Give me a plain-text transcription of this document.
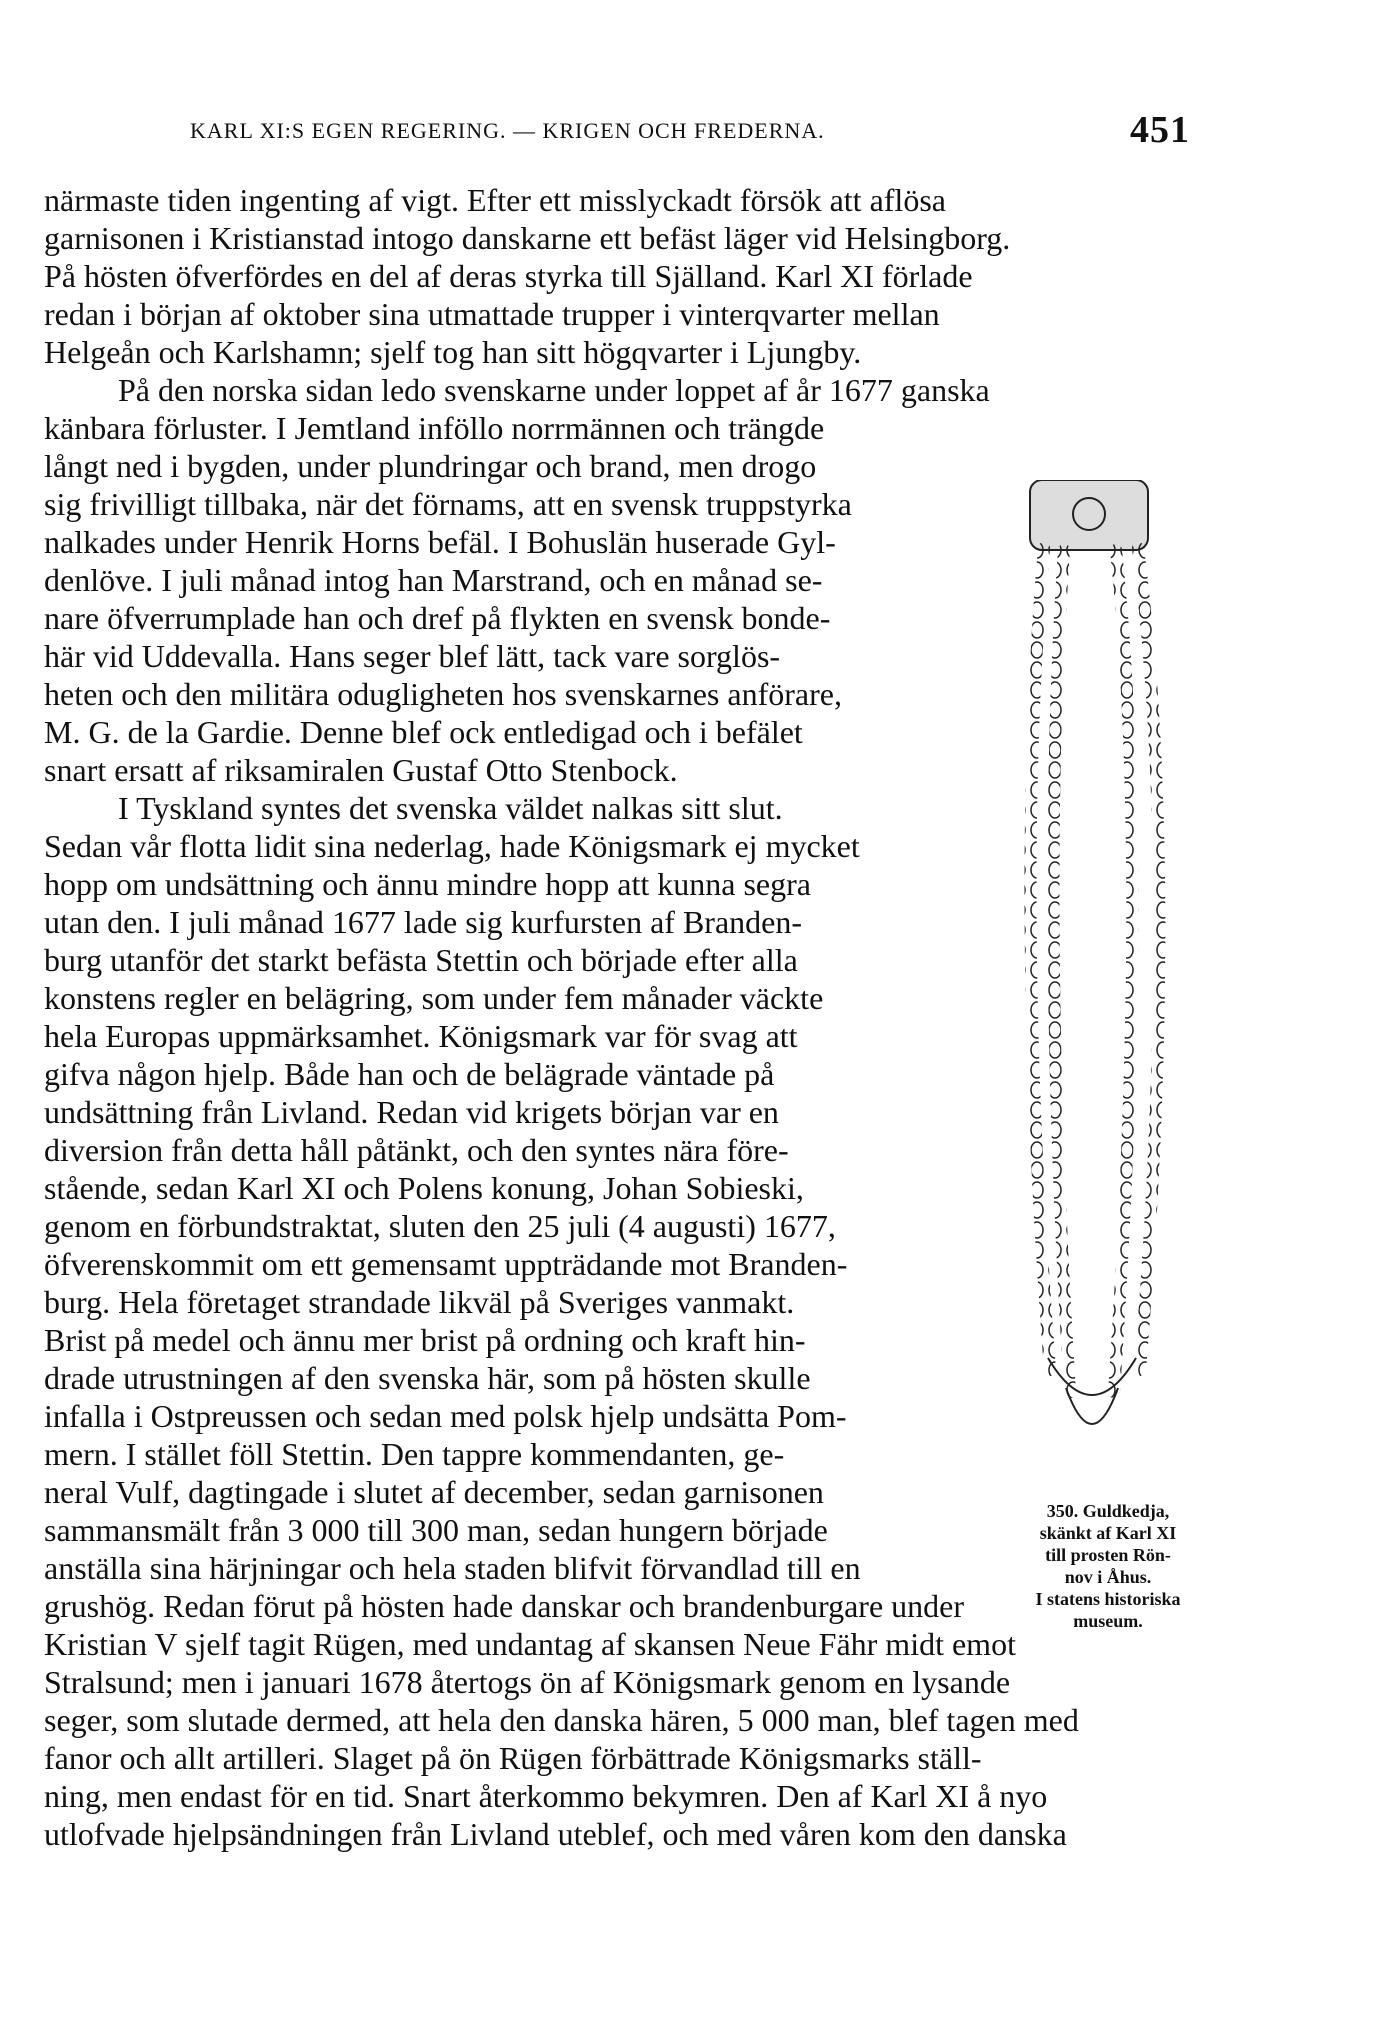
KARL XI:S EGEN REGERING. — KRIGEN OCH FREDERNA.	451
närmaste tiden ingenting af vigt. Efter ett misslyckadt försök att aflösa
garnisonen i Kristianstad intogo danskarne ett befäst läger vid Helsingborg.
På hösten öfverfördes en del af deras styrka till Själland. Karl XI förlade
redan i början af oktober sina utmattade trupper i vinterqvarter mellan
Helgeån och Karlshamn; sjelf tog han sitt högqvarter i Ljungby.
På den norska sidan ledo svenskarne under loppet af år 1677 ganska
känbara förluster. I Jemtland inföllo norrmännen och trängde
långt ned i bygden, under plundringar och brand, men drogo
sig frivilligt tillbaka, när det förnams, att en svensk truppstyrka
nalkades under Henrik Horns befäl. I Bohuslän huserade Gyl-
denlöve. I juli månad intog han Marstrand, och en månad se-
nare öfverrumplade han och dref på flykten en svensk bonde-
här vid Uddevalla. Hans seger blef lätt, tack vare sorglös-
heten och den militära odugligheten hos svenskarnes anförare,
M. G. de la Gardie. Denne blef ock entledigad och i befälet
snart ersatt af riksamiralen Gustaf Otto Stenbock.
I Tyskland syntes det svenska väldet nalkas sitt slut.
Sedan vår flotta lidit sina nederlag, hade Königsmark ej mycket
hopp om undsättning och ännu mindre hopp att kunna segra
utan den. I juli månad 1677 lade sig kurfursten af Branden-
burg utanför det starkt befästa Stettin och började efter alla
konstens regler en belägring, som under fem månader väckte
hela Europas uppmärksamhet. Königsmark var för svag att
gifva någon hjelp. Både han och de belägrade väntade på
undsättning från Livland. Redan vid krigets början var en
diversion från detta håll påtänkt, och den syntes nära före-
stående, sedan Karl XI och Polens konung, Johan Sobieski,
genom en förbundstraktat, sluten den 25 juli (4 augusti) 1677,
öfverenskommit om ett gemensamt uppträdande mot Branden-
burg. Hela företaget strandade likväl på Sveriges vanmakt.
Brist på medel och ännu mer brist på ordning och kraft hin-
drade utrustningen af den svenska här, som på hösten skulle
infalla i Ostpreussen och sedan med polsk hjelp undsätta Pom-
mern. I stället föll Stettin. Den tappre kommendanten, ge-
neral Vulf, dagtingade i slutet af december, sedan garnisonen
sammansmält från 3 000 till 300 man, sedan hungern började
anställa sina härjningar och hela staden blifvit förvandlad till en
grushög. Redan förut på hösten hade danskar och brandenburgare under
Kristian V sjelf tagit Rügen, med undantag af skansen Neue Fähr midt emot
Stralsund; men i januari 1678 återtogs ön af Königsmark genom en lysande
seger, som slutade dermed, att hela den danska hären, 5 000 man, blef tagen med
fanor och allt artilleri. Slaget på ön Rügen förbättrade Königsmarks ställ-
ning, men endast för en tid. Snart återkommo bekymren. Den af Karl XI å nyo
utlofvade hjelpsändningen från Livland uteblef, och med våren kom den danska
350. Guldkedja,
skänkt af Karl XI
till prosten Rön-
nov i Åhus.
I statens historiska
museum.
